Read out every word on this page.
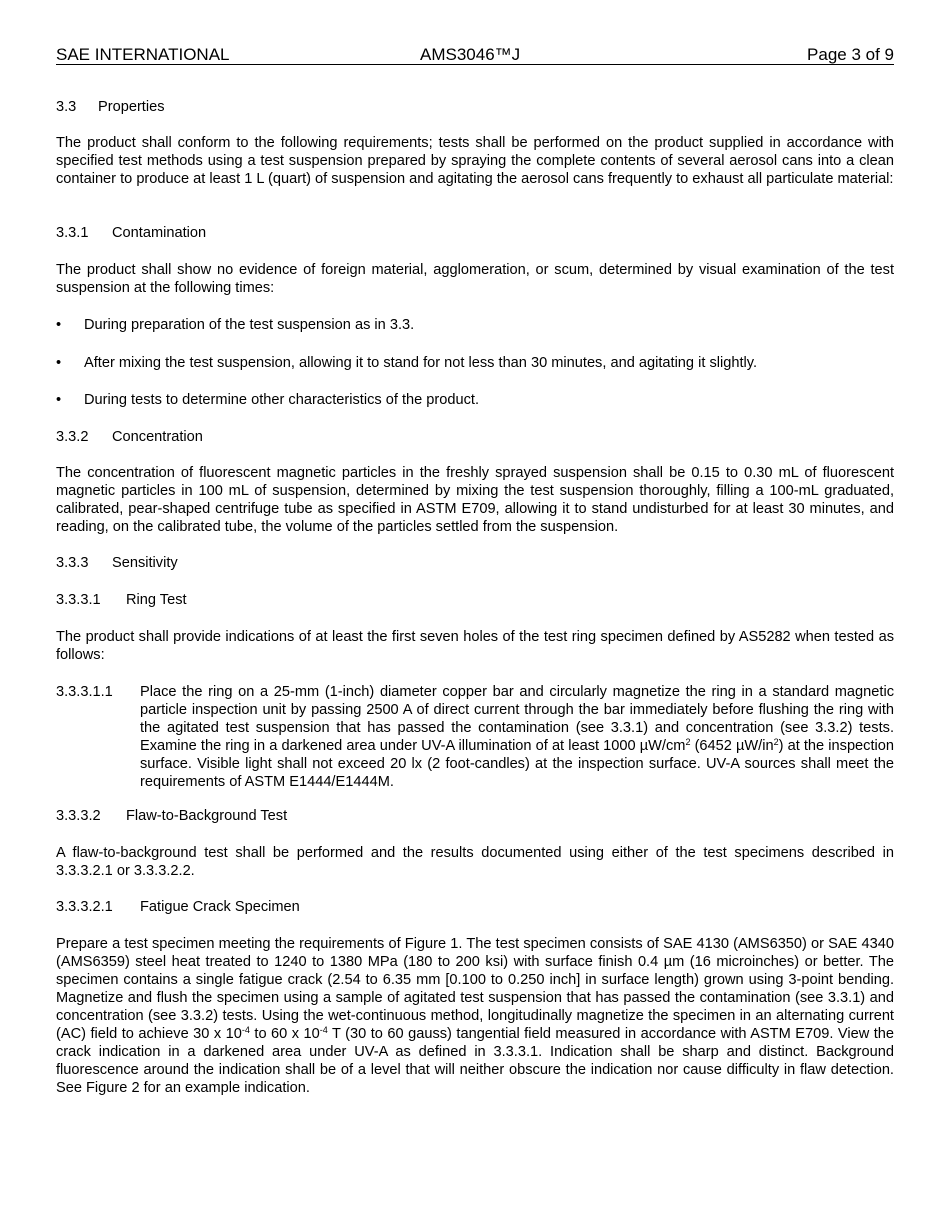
SAE INTERNATIONAL	AMS3046™J	Page 3 of 9
3.3 Properties
The product shall conform to the following requirements; tests shall be performed on the product supplied in accordance with specified test methods using a test suspension prepared by spraying the complete contents of several aerosol cans into a clean container to produce at least 1 L (quart) of suspension and agitating the aerosol cans frequently to exhaust all particulate material:
3.3.1 Contamination
The product shall show no evidence of foreign material, agglomeration, or scum, determined by visual examination of the test suspension at the following times:
• During preparation of the test suspension as in 3.3.
• After mixing the test suspension, allowing it to stand for not less than 30 minutes, and agitating it slightly.
• During tests to determine other characteristics of the product.
3.3.2 Concentration
The concentration of fluorescent magnetic particles in the freshly sprayed suspension shall be 0.15 to 0.30 mL of fluorescent magnetic particles in 100 mL of suspension, determined by mixing the test suspension thoroughly, filling a 100-mL graduated, calibrated, pear-shaped centrifuge tube as specified in ASTM E709, allowing it to stand undisturbed for at least 30 minutes, and reading, on the calibrated tube, the volume of the particles settled from the suspension.
3.3.3 Sensitivity
3.3.3.1 Ring Test
The product shall provide indications of at least the first seven holes of the test ring specimen defined by AS5282 when tested as follows:
3.3.3.1.1	Place the ring on a 25-mm (1-inch) diameter copper bar and circularly magnetize the ring in a standard magnetic particle inspection unit by passing 2500 A of direct current through the bar immediately before flushing the ring with the agitated test suspension that has passed the contamination (see 3.3.1) and concentration (see 3.3.2) tests. Examine the ring in a darkened area under UV-A illumination of at least 1000 $\mu W/cm^2$ (6452 $\mu W/in^2$) at the inspection surface. Visible light shall not exceed 20 lx (2 foot-candles) at the inspection surface. UV-A sources shall meet the requirements of ASTM E1444/E1444M.
3.3.3.2 Flaw-to-Background Test
A flaw-to-background test shall be performed and the results documented using either of the test specimens described in 3.3.3.2.1 or 3.3.3.2.2.
3.3.3.2.1 Fatigue Crack Specimen
Prepare a test specimen meeting the requirements of Figure 1. The test specimen consists of SAE 4130 (AMS6350) or SAE 4340 (AMS6359) steel heat treated to 1240 to 1380 MPa (180 to 200 ksi) with surface finish 0.4 µm (16 microinches) or better. The specimen contains a single fatigue crack (2.54 to 6.35 mm [0.100 to 0.250 inch] in surface length) grown using 3-point bending. Magnetize and flush the specimen using a sample of agitated test suspension that has passed the contamination (see 3.3.1) and concentration (see 3.3.2) tests. Using the wet-continuous method, longitudinally magnetize the specimen in an alternating current (AC) field to achieve 30 x $10^{-4}$ to 60 x $10^{-4}$ T (30 to 60 gauss) tangential field measured in accordance with ASTM E709. View the crack indication in a darkened area under UV-A as defined in 3.3.3.1. Indication shall be sharp and distinct. Background fluorescence around the indication shall be of a level that will neither obscure the indication nor cause difficulty in flaw detection. See Figure 2 for an example indication.
